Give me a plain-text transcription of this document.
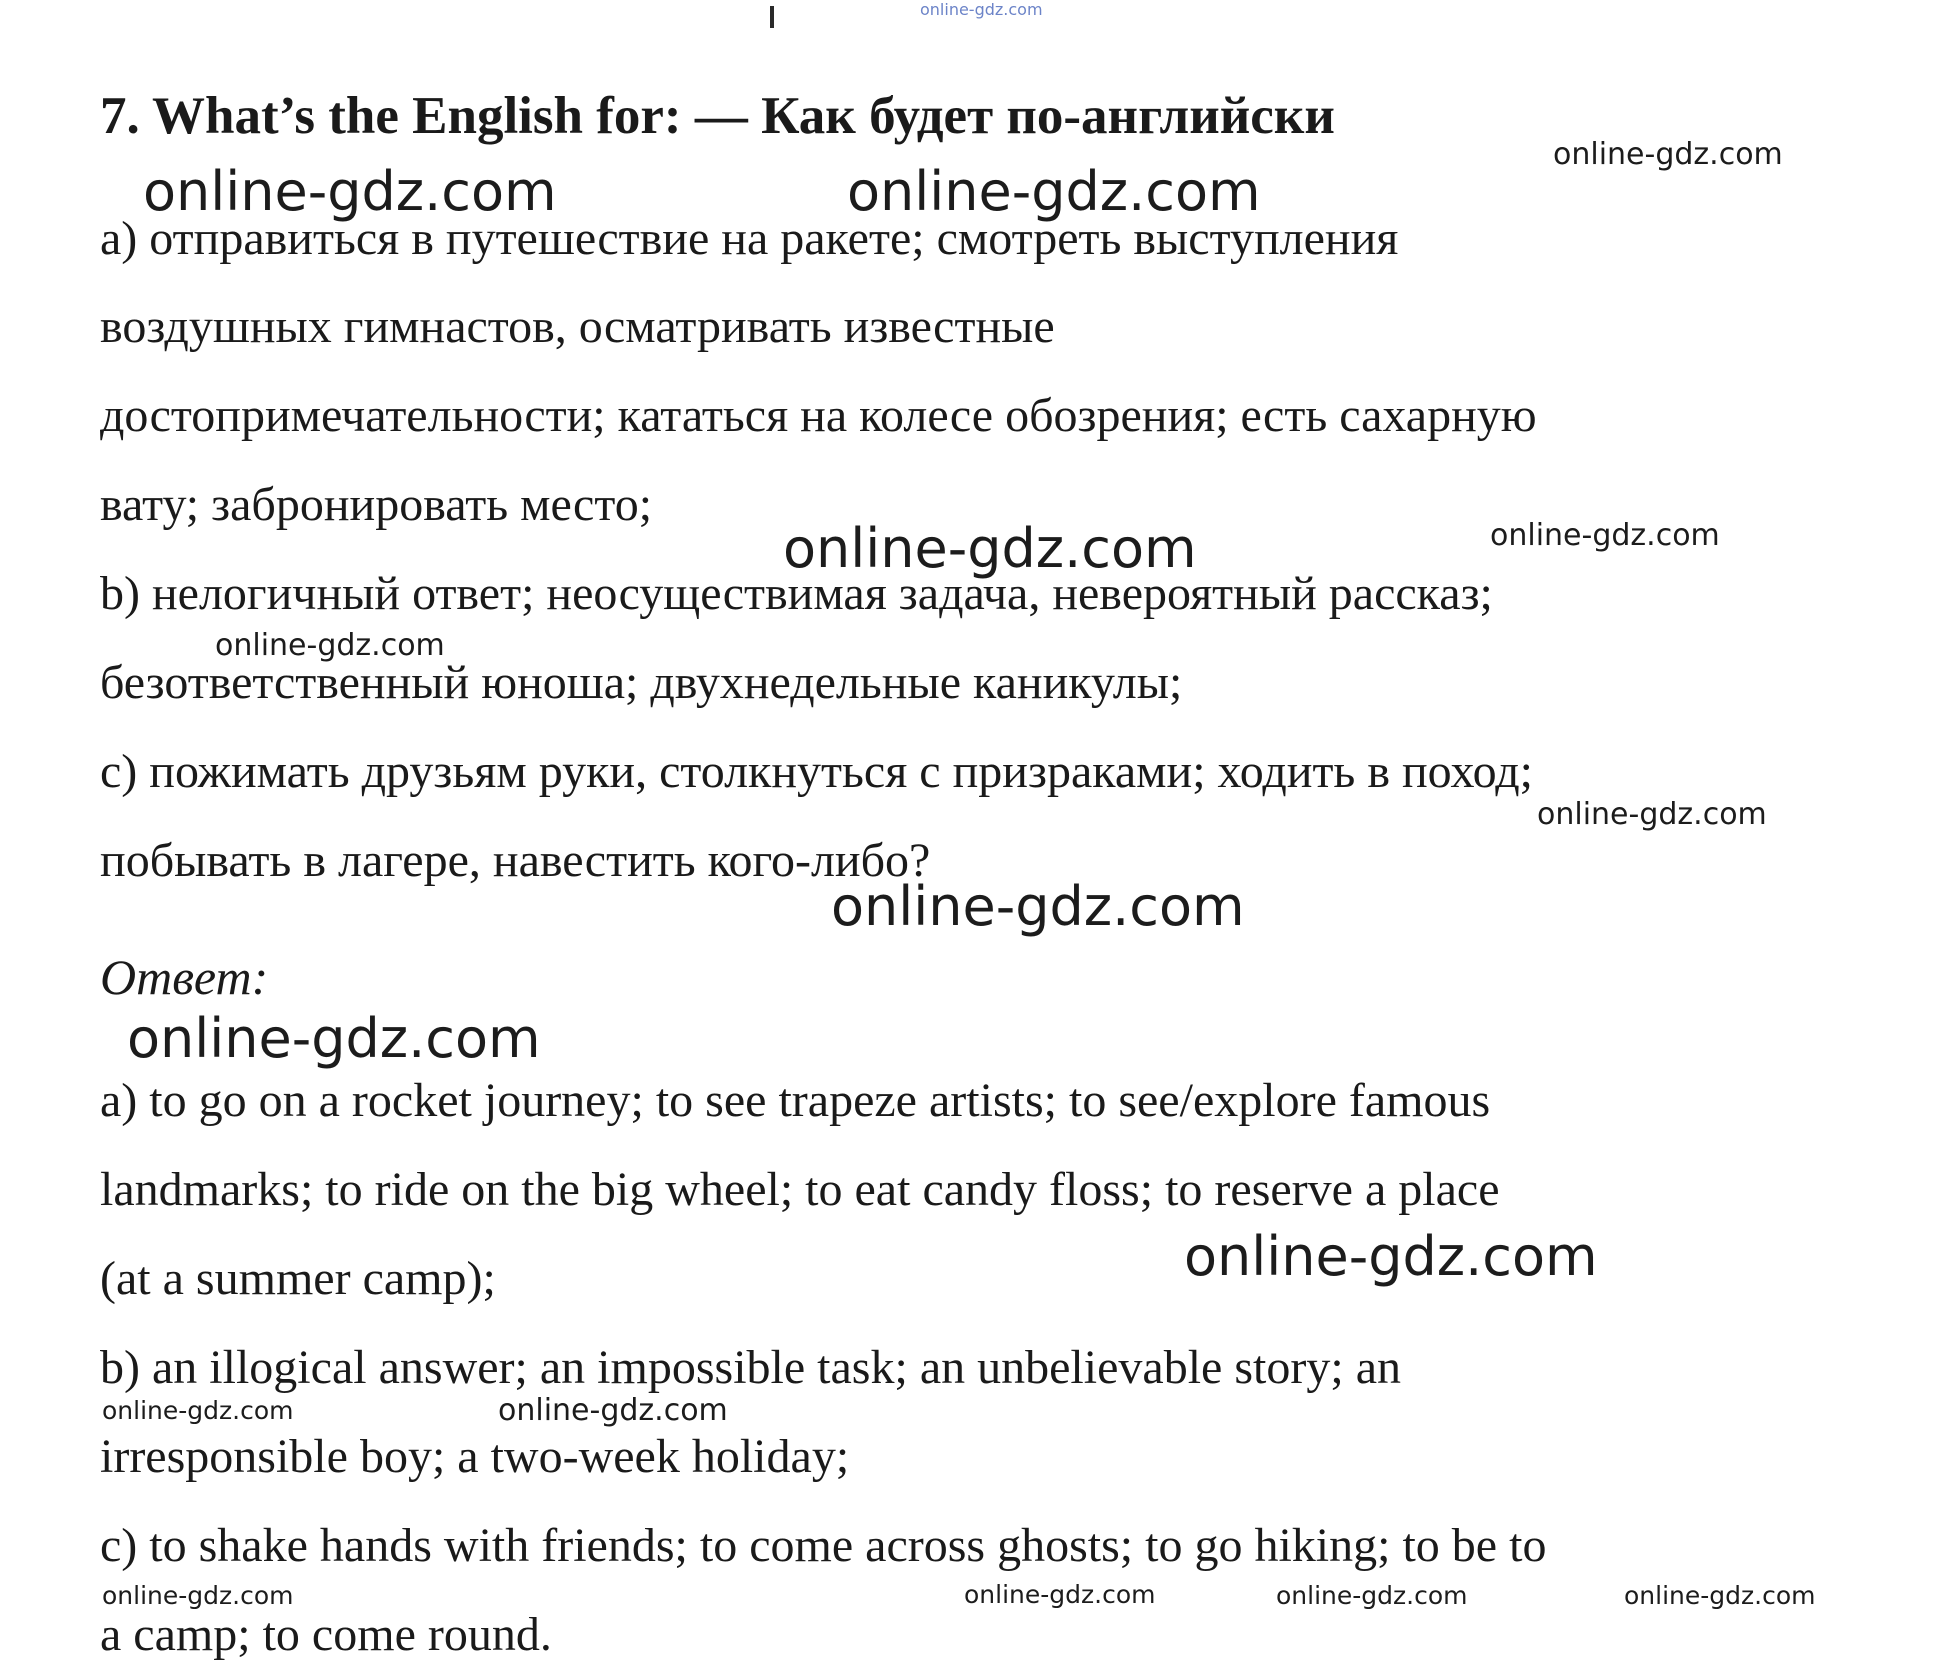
online-gdz.com
7. What’s the English for: — Как будет по-английски

a) отправиться в путешествие на ракете; смотреть выступления

воздушных гимнастов, осматривать известные

достопримечательности; кататься на колесе обозрения; есть сахарную

вату; забронировать место;

b) нелогичный ответ; неосуществимая задача, невероятный рассказ;

безответственный юноша; двухнедельные каникулы;

c) пожимать друзьям руки, столкнуться с призраками; ходить в поход;

побывать в лагере, навестить кого-либо?

Ответ:

a) to go on a rocket journey; to see trapeze artists; to see/explore famous

landmarks; to ride on the big wheel; to eat candy floss; to reserve a place

(at a summer camp);

b) an illogical answer; an impossible task; an unbelievable story; an

irresponsible boy; a two-week holiday;

c) to shake hands with friends; to come across ghosts; to go hiking; to be to

a camp; to come round.

online-gdz.com
online-gdz.com	online-gdz.com
online-gdz.com	online-gdz.com
online-gdz.com
online-gdz.com
online-gdz.com
online-gdz.com
online-gdz.com
online-gdz.com	online-gdz.com
online-gdz.com	online-gdz.com	online-gdz.com	online-gdz.com
